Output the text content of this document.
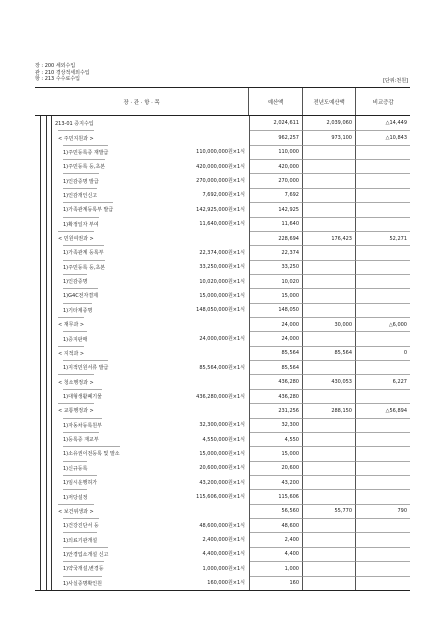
장 : 200 세외수입
관 : 210 경상적세외수입
항 : 213 수수료수입	[단위:천원]
장 · 관 · 항 · 목	예산액	전년도예산액	비교증감
213-01 증지수입	2,024,611	2,039,060	△14,449
< 주민지원과 >	962,257	973,100	△10,843
1)주민등록증 재발급	110,000,000원×1식	110,000
1)주민등록 등,초본	420,000,000원×1식	420,000
1)인감증명 발급	270,000,000원×1식	270,000
1)인감개인신고	7,692,000원×1식	7,692
1)가족관계등록부 발급	142,925,000원×1식	142,925
1)확정일자 부여	11,640,000원×1식	11,640
< 민원여권과 >	228,694	176,423	52,271
1)가족관계 등록부	22,374,000원×1식	22,374
1)주민등록 등,초본	33,250,000원×1식	33,250
1)인감증명	10,020,000원×1식	10,020
1)G4C전자결제	15,000,000원×1식	15,000
1)기타제증명	148,050,000원×1식	148,050
< 재무과 >	24,000	30,000	△6,000
1)증지판매	24,000,000원×1식	24,000
< 지적과 >	85,564	85,564	0
1)지적민원서류 발급	85,564,000원×1식	85,564
< 청소행정과 >	436,280	430,053	6,227
1)대형생활폐기물	436,280,000원×1식	436,280
< 교통행정과 >	231,256	288,150	△56,894
1)자동차등록원부	32,300,000원×1식	32,300
1)등록증 재교부	4,550,000원×1식	4,550
1)소유권이전등록 및 말소	15,000,000원×1식	15,000
1)신규등록	20,600,000원×1식	20,600
1)임시운행허가	43,200,000원×1식	43,200
1)저당설정	115,606,000원×1식	115,606
< 보건위생과 >	56,560	55,770	790
1)건강진단서 등	48,600,000원×1식	48,600
1)의료기관개설	2,400,000원×1식	2,400
1)안경업소개설 신고	4,400,000원×1식	4,400
1)약국개설,변경등	1,000,000원×1식	1,000
1)사실증명확인원	160,000원×1식	160
